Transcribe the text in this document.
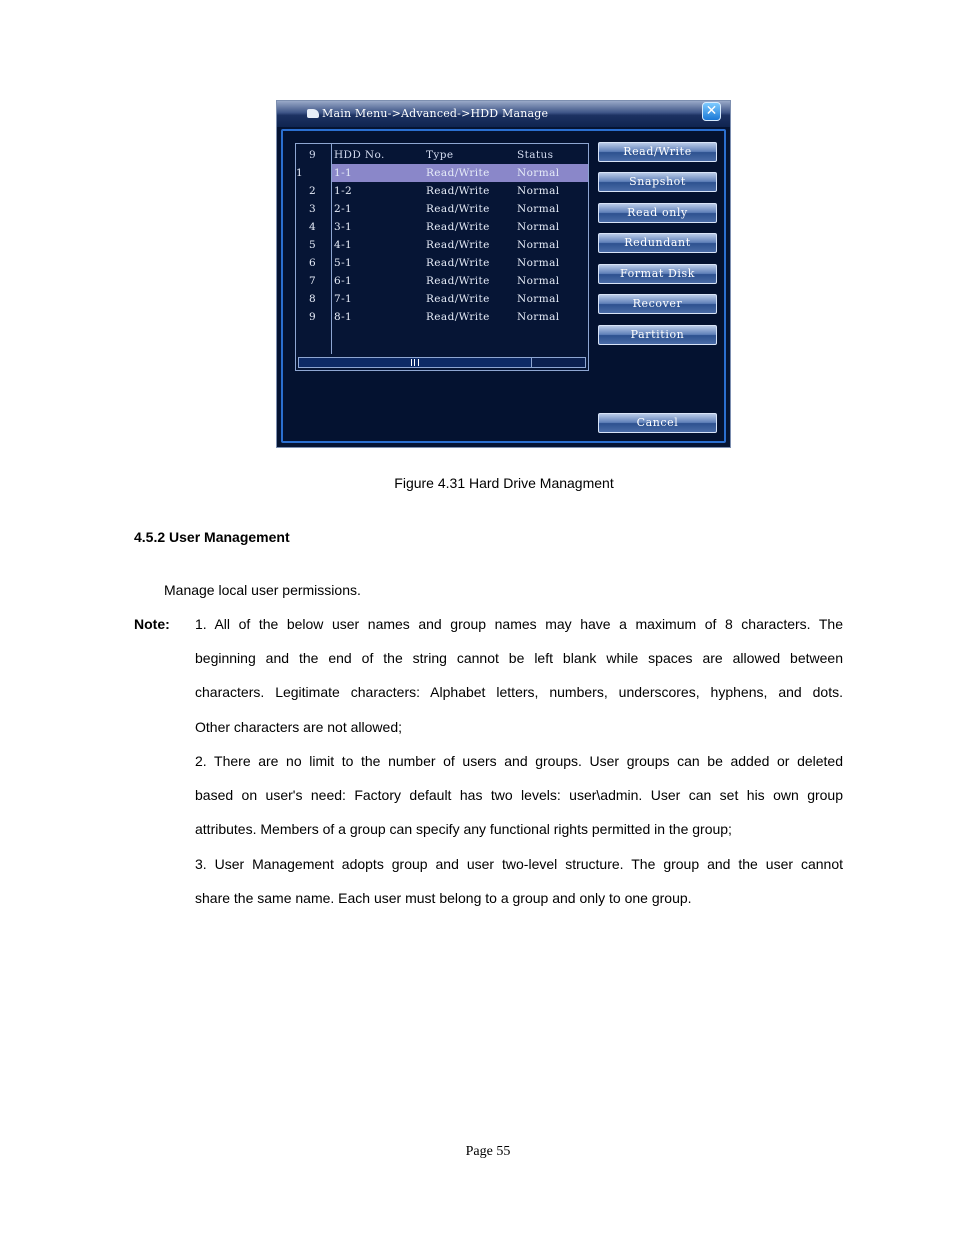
Main Menu->Advanced->HDD Manage	✕
9 HDD No.	Type	Status
1	1-1	Read/Write	Normal
2 1-2	Read/Write	Normal
3 2-1	Read/Write	Normal
4 3-1	Read/Write	Normal
5 4-1	Read/Write	Normal
6 5-1	Read/Write	Normal
7 6-1	Read/Write	Normal
8 7-1	Read/Write	Normal
9 8-1	Read/Write	Normal
Read/Write
Snapshot
Read only
Redundant
Format Disk
Recover
Partition
Cancel
Figure 4.31 Hard Drive Managment
4.5.2 User Management
Manage local user permissions.
Note: 1. All of the below user names and group names may have a maximum of 8 characters. The
beginning and the end of the string cannot be left blank while spaces are allowed between
characters. Legitimate characters: Alphabet letters, numbers, underscores, hyphens, and dots.
Other characters are not allowed;
2. There are no limit to the number of users and groups. User groups can be added or deleted
based on user's need: Factory default has two levels: user\admin. User can set his own group
attributes. Members of a group can specify any functional rights permitted in the group;
3. User Management adopts group and user two-level structure. The group and the user cannot
share the same name. Each user must belong to a group and only to one group.
Page 55
